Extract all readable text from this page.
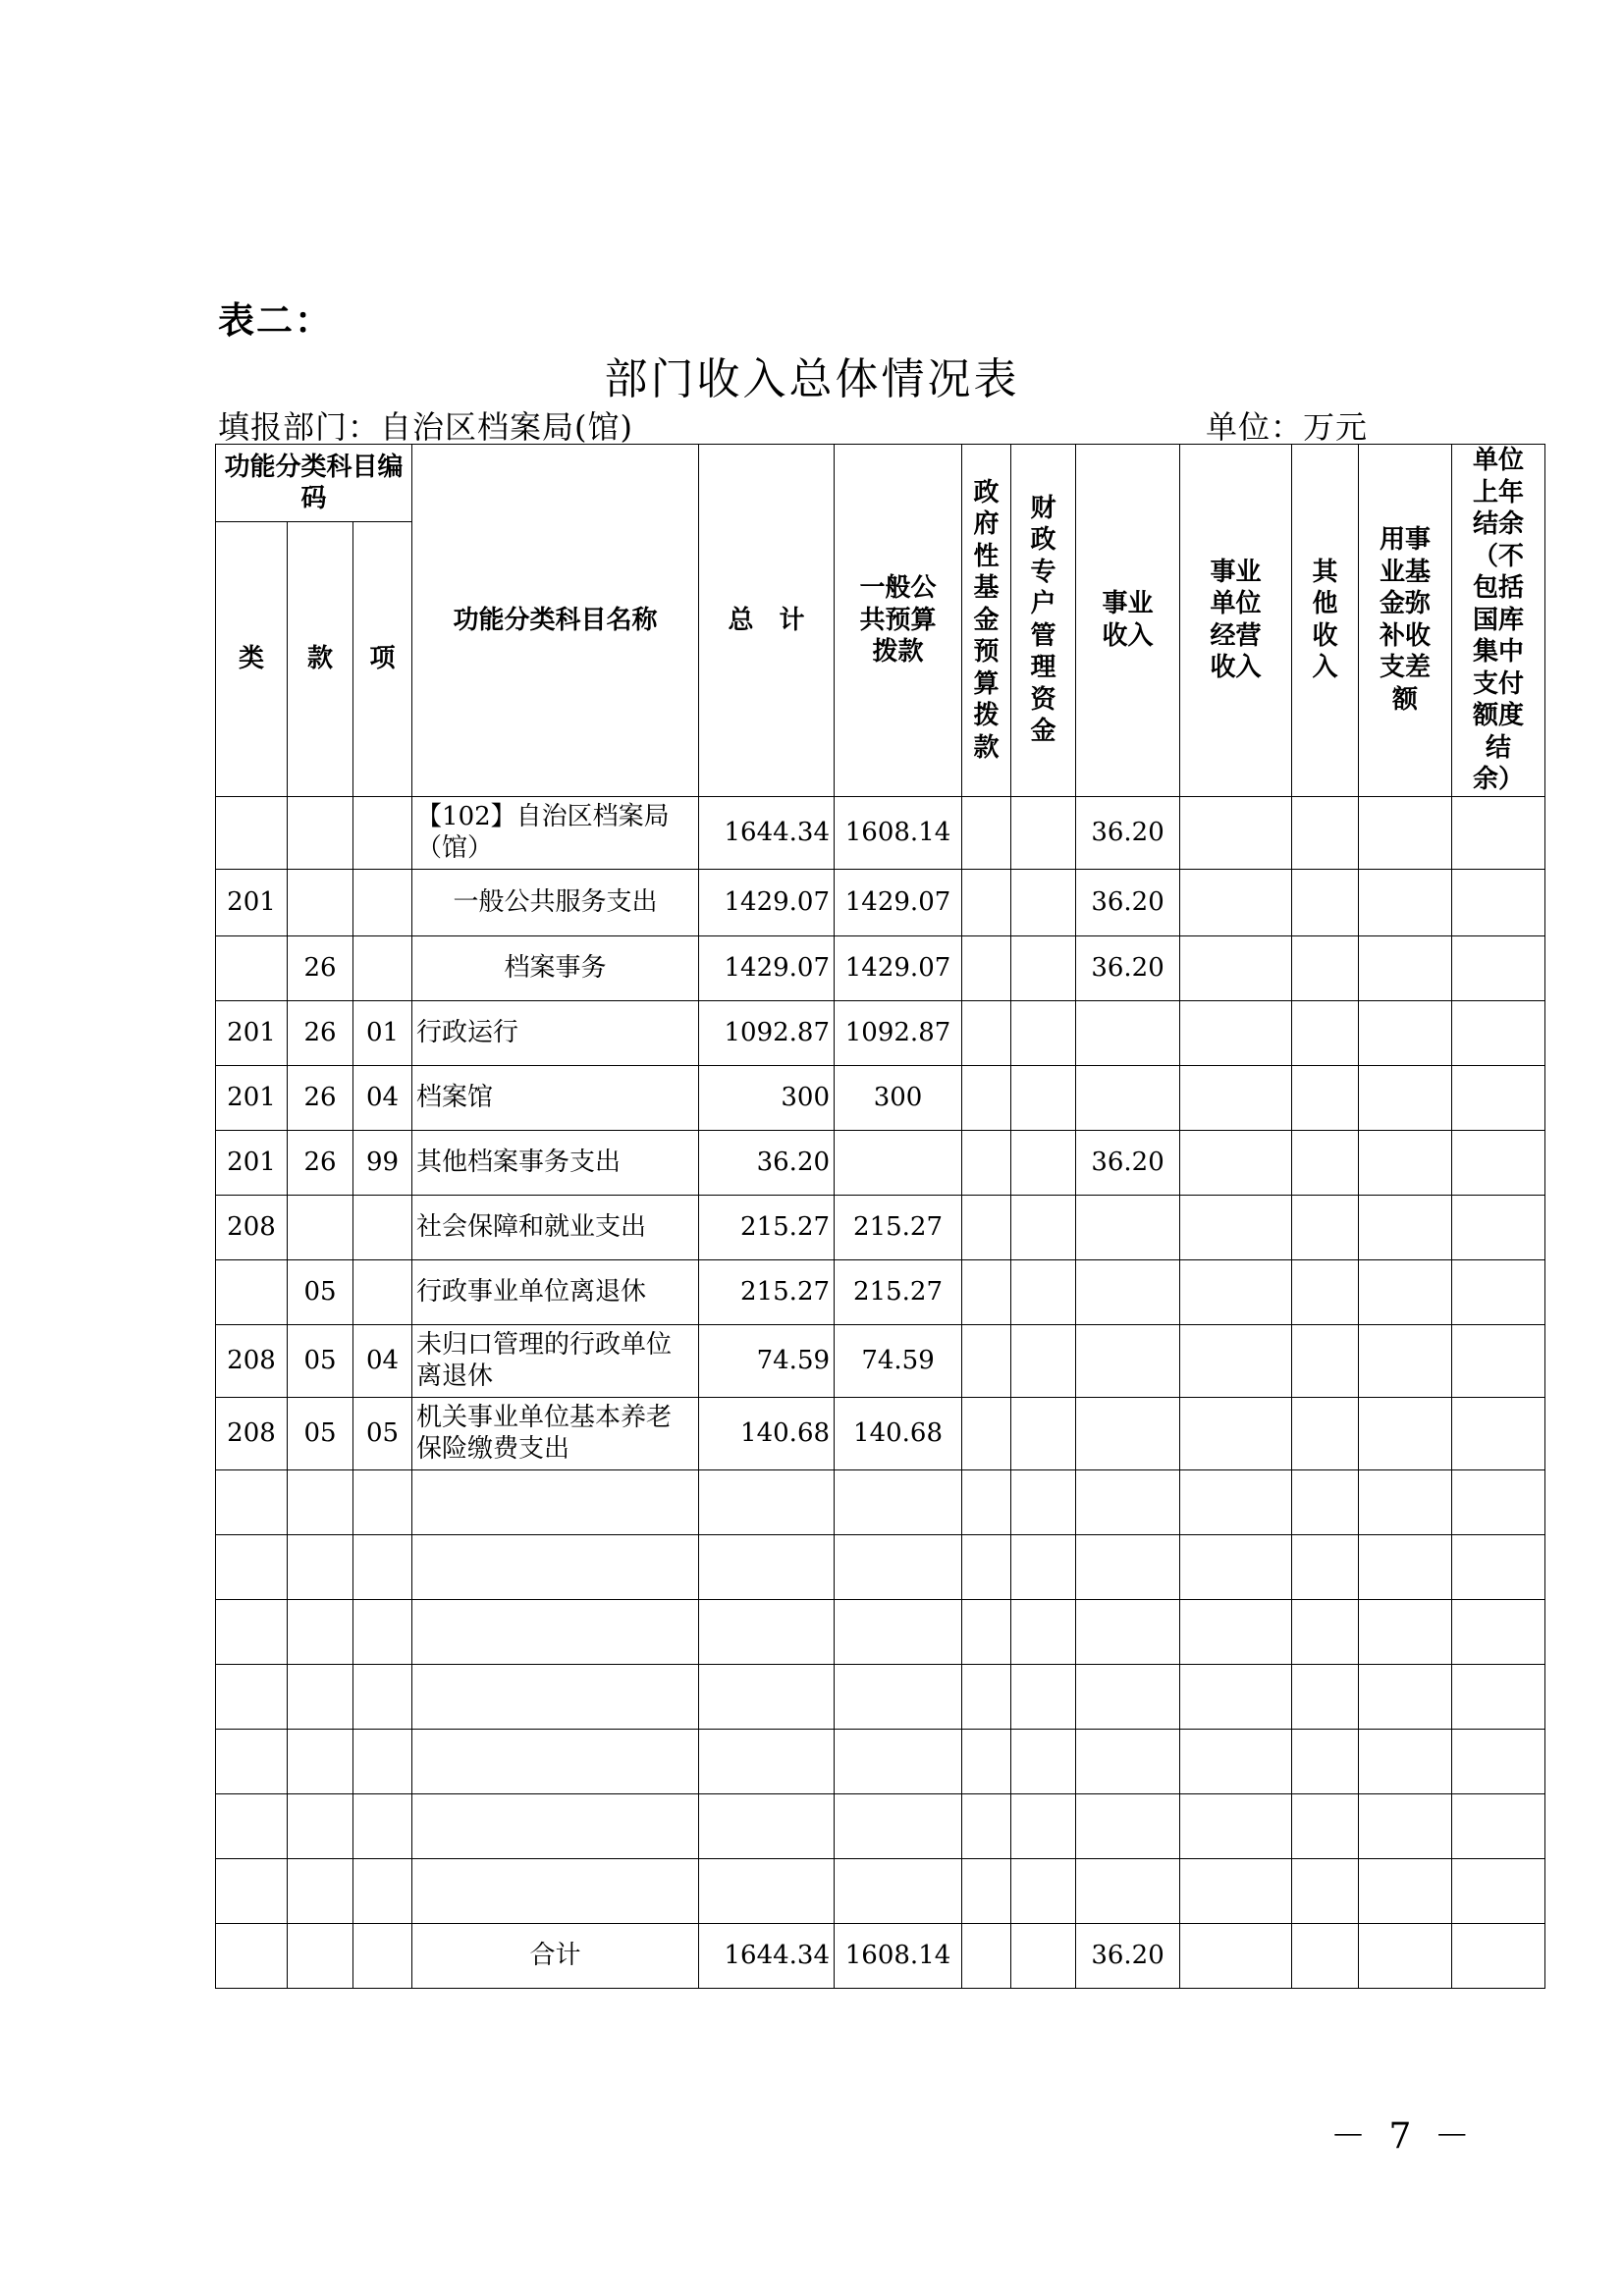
表二：
部门收入总体情况表
填报部门：自治区档案局(馆)	单位：万元
功能分类科目编码			功能分类科目名称	总　计	一般公共预算拨款	政府性基金预算拨款	财政专户管理资金	事业收入	事业单位经营收入	其他收入	用事业基金弥补收支差额	单位上年结余（不包括国库集中支付额度结余）
类	款	项										
			【102】自治区档案局（馆）	1644.34	1608.14			36.20				
201			一般公共服务支出	1429.07	1429.07			36.20				
	26		档案事务	1429.07	1429.07			36.20				
201	26	01	行政运行	1092.87	1092.87							
201	26	04	档案馆	300	300							
201	26	99	其他档案事务支出	36.20				36.20				
208			社会保障和就业支出	215.27	215.27							
	05		行政事业单位离退休	215.27	215.27							
208	05	04	未归口管理的行政单位离退休	74.59	74.59							
208	05	05	机关事业单位基本养老保险缴费支出	140.68	140.68							

			合计	1644.34	1608.14			36.20				
－ 7 －
